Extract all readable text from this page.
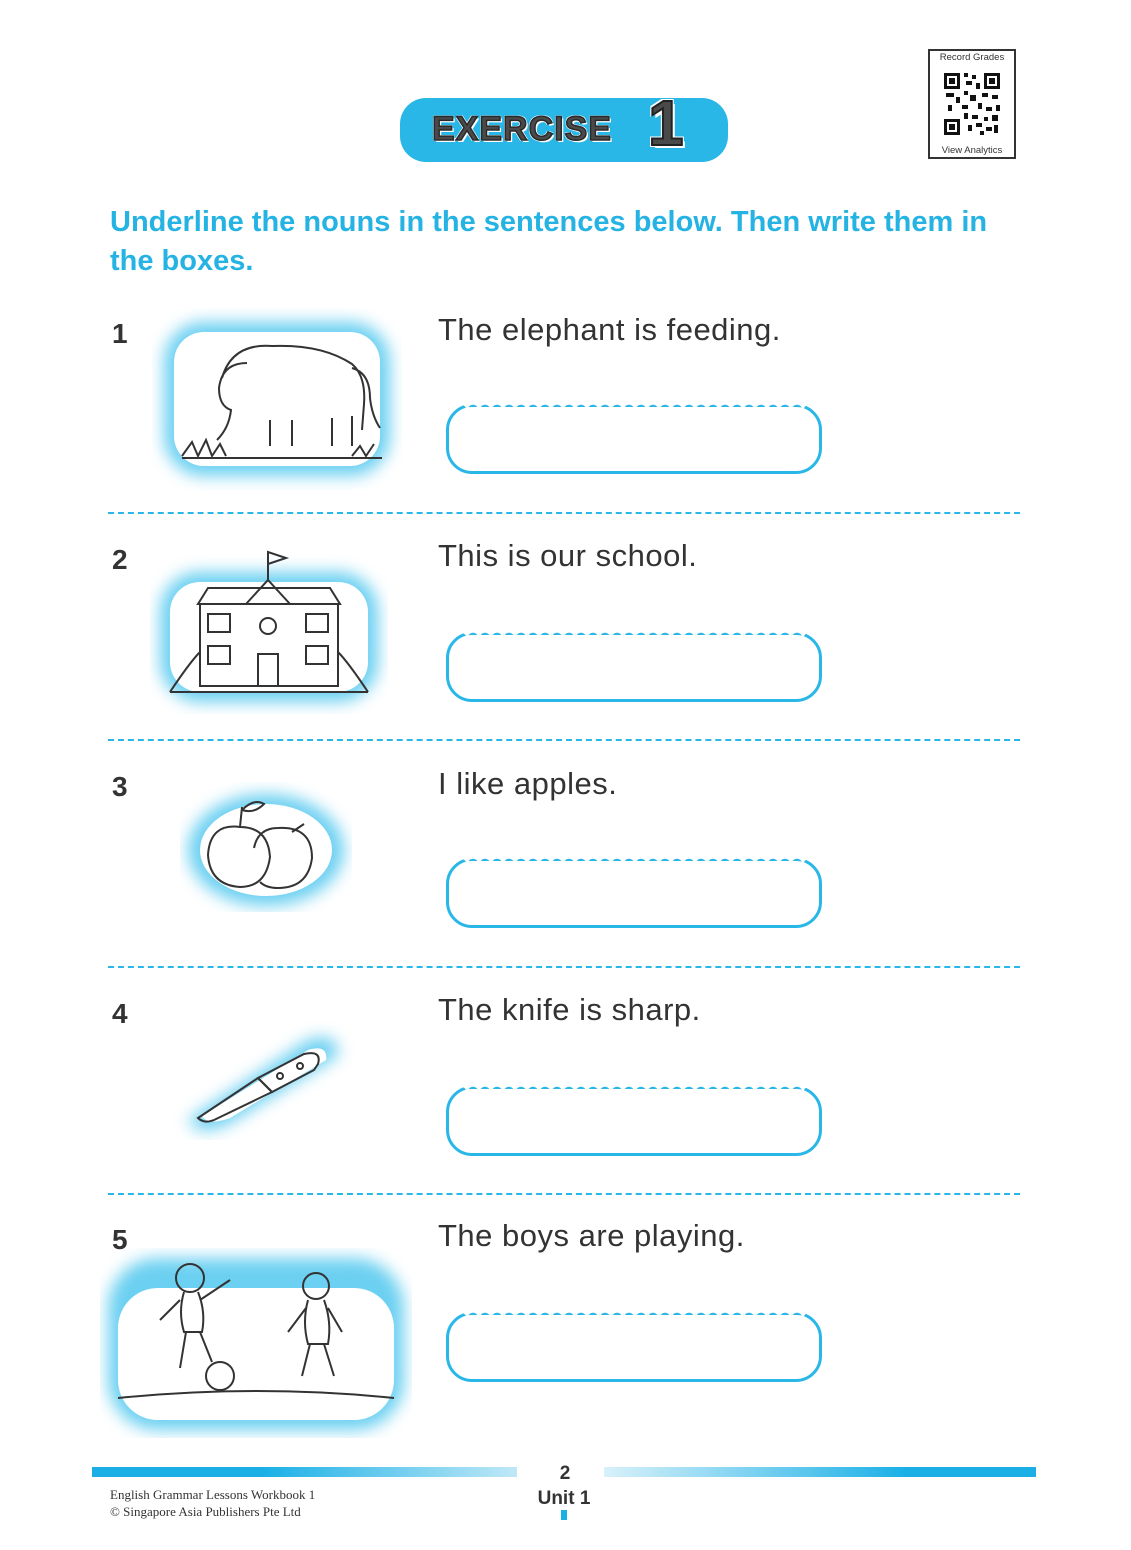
EXERCISE 1
Record Grades
View Analytics
Underline the nouns in the sentences below. Then write them in the boxes.
1	The elephant is feeding.
2	This is our school.
3	I like apples.
4	The knife is sharp.
5	The boys are playing.
2
Unit 1
English Grammar Lessons Workbook 1
© Singapore Asia Publishers Pte Ltd
